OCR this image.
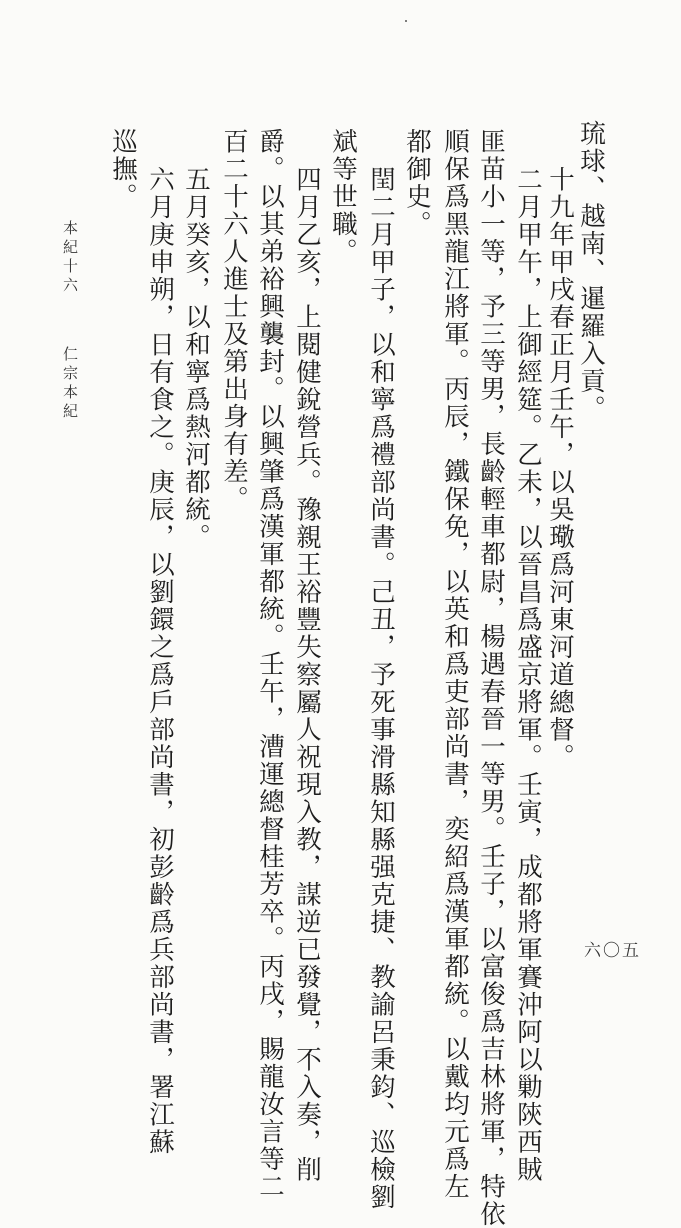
琉球、越南、暹羅入貢。
十九年甲戌春正月壬午，以吳璥爲河東河道總督。
二月甲午，上御經筵。乙未，以晉昌爲盛京將軍。壬寅，成都將軍賽沖阿以勦陝西賊
匪苗小一等，予三等男，長齡輕車都尉，楊遇春晉一等男。壬子，以富俊爲吉林將軍，特依
順保爲黑龍江將軍。丙辰，鐵保免，以英和爲吏部尚書，奕紹爲漢軍都統。以戴均元爲左
都御史。
閏二月甲子，以和寧爲禮部尚書。己丑，予死事滑縣知縣强克捷、教諭呂秉鈞、巡檢劉
斌等世職。
四月乙亥，上閱健銳營兵。豫親王裕豐失察屬人祝現入教，謀逆已發覺，不入奏，削
爵。以其弟裕興襲封。以興肇爲漢軍都統。壬午，漕運總督桂芳卒。丙戌，賜龍汝言等二
百二十六人進士及第出身有差。
五月癸亥，以和寧爲熱河都統。
六月庚申朔，日有食之。庚辰，以劉鐶之爲戶部尚書，初彭齡爲兵部尚書，署江蘇
巡撫。
本紀十六
仁宗本紀
六〇五
